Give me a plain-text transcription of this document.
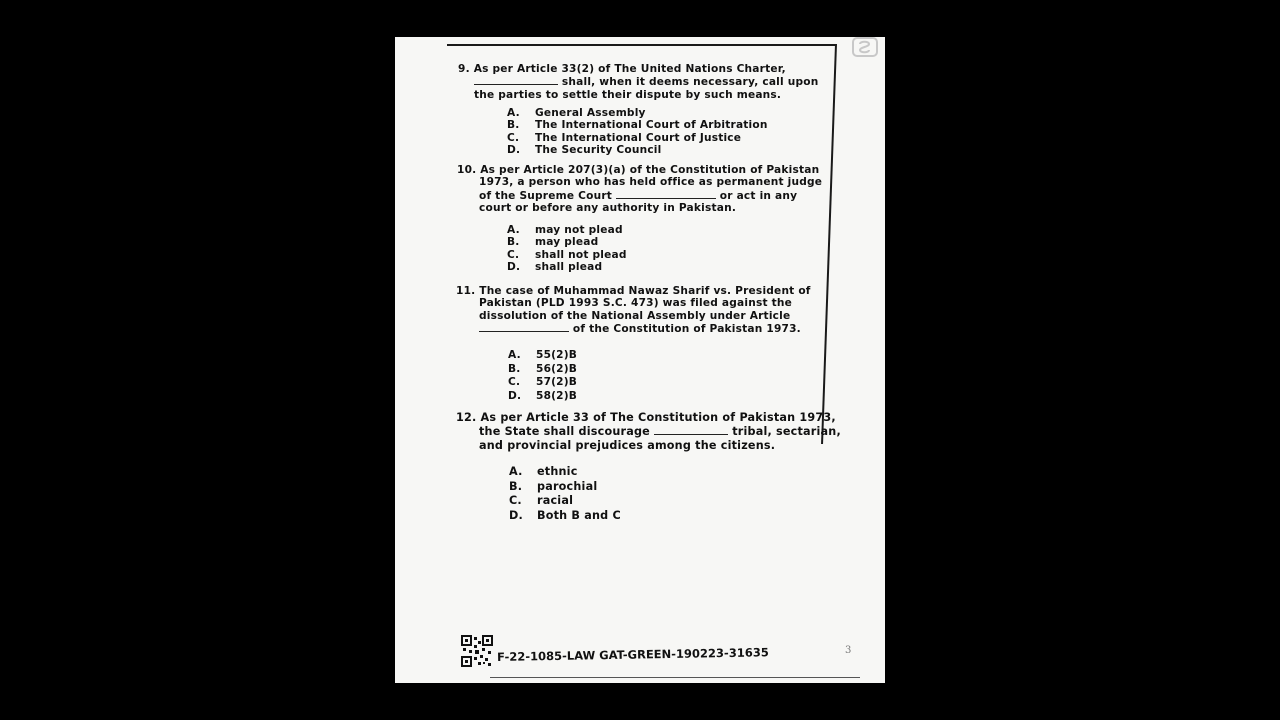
9. As per Article 33(2) of The United Nations Charter,
shall, when it deems necessary, call upon
the parties to settle their dispute by such means.
A. General Assembly
B. The International Court of Arbitration
C. The International Court of Justice
D. The Security Council
10. As per Article 207(3)(a) of the Constitution of Pakistan
1973, a person who has held office as permanent judge
of the Supreme Court	or act in any
court or before any authority in Pakistan.
A. may not plead
B. may plead
C. shall not plead
D. shall plead
11. The case of Muhammad Nawaz Sharif vs. President of
Pakistan (PLD 1993 S.C. 473) was filed against the
dissolution of the National Assembly under Article
of the Constitution of Pakistan 1973.
A. 55(2)B
B. 56(2)B
C. 57(2)B
D. 58(2)B
12. As per Article 33 of The Constitution of Pakistan 1973,
the State shall discourage	tribal, sectarian,
and provincial prejudices among the citizens.
A. ethnic
B. parochial
C. racial
D. Both B and C
F-22-1085-LAW GAT-GREEN-190223-31635	3
